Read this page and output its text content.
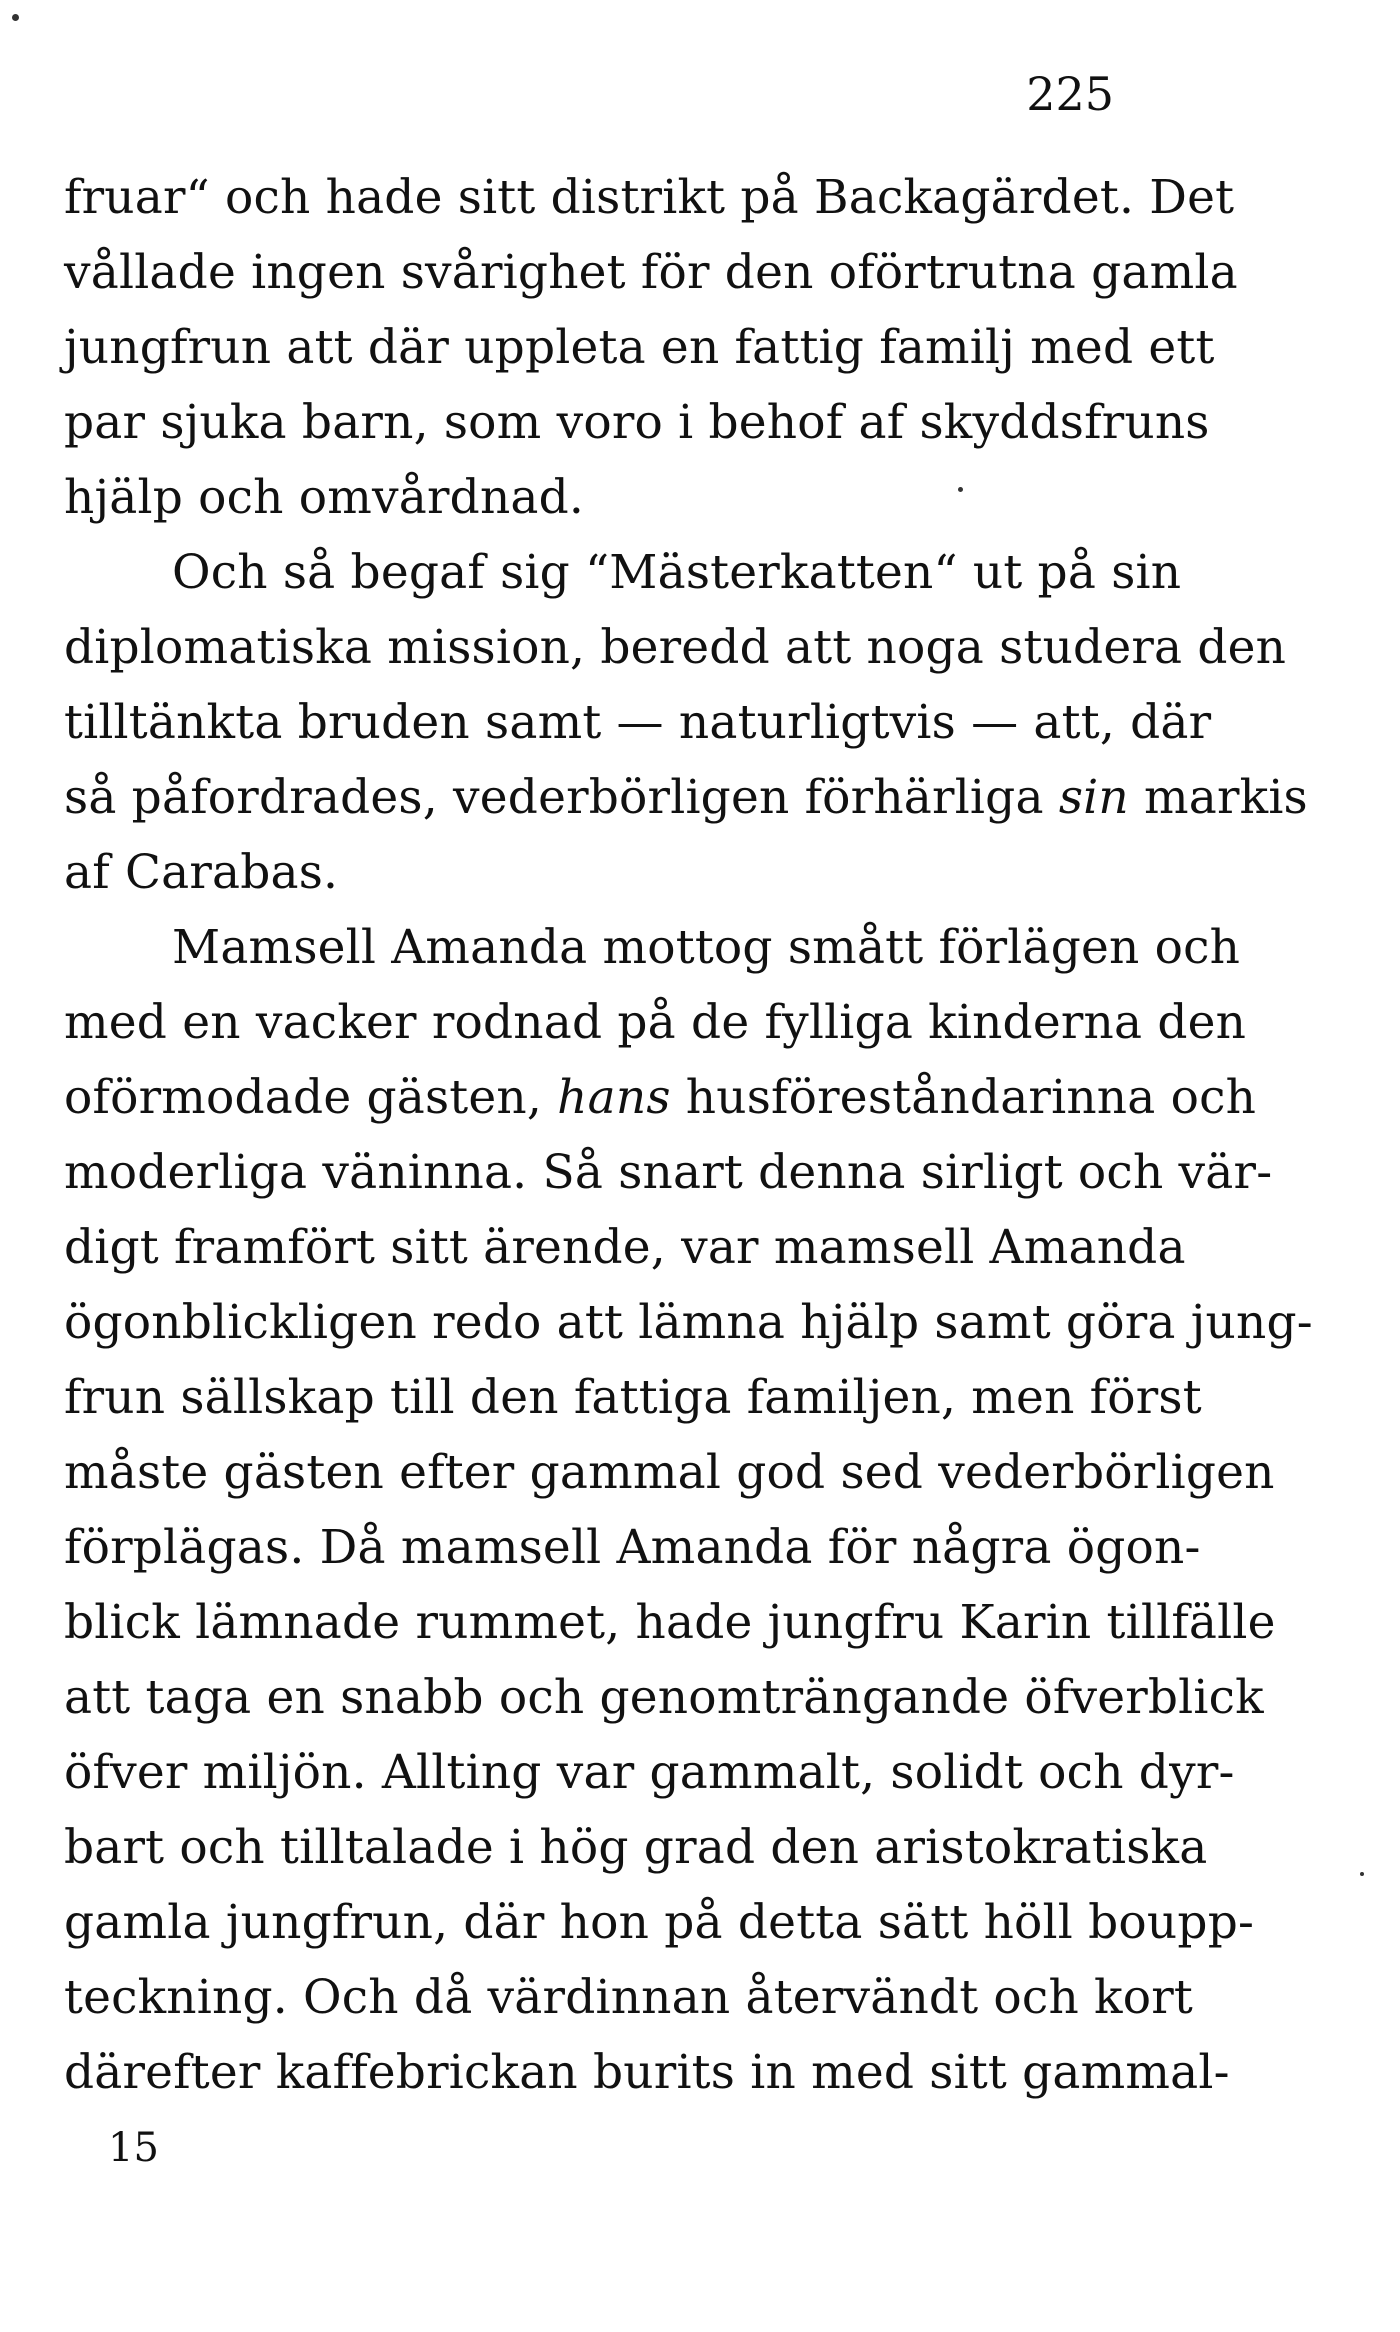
225
fruar“ och hade sitt distrikt på Backagärdet. Det
vållade ingen svårighet för den oförtrutna gamla
jungfrun att där uppleta en fattig familj med ett
par sjuka barn, som voro i behof af skyddsfruns
hjälp och omvårdnad.
Och så begaf sig “Mästerkatten“ ut på sin
diplomatiska mission, beredd att noga studera den
tilltänkta bruden samt — naturligtvis — att, där
så påfordrades, vederbörligen förhärliga sin markis
af Carabas.
Mamsell Amanda mottog smått förlägen och
med en vacker rodnad på de fylliga kinderna den
oförmodade gästen, hans husföreståndarinna och
moderliga väninna. Så snart denna sirligt och vär-
digt framfört sitt ärende, var mamsell Amanda
ögonblickligen redo att lämna hjälp samt göra jung-
frun sällskap till den fattiga familjen, men först
måste gästen efter gammal god sed vederbörligen
förplägas. Då mamsell Amanda för några ögon-
blick lämnade rummet, hade jungfru Karin tillfälle
att taga en snabb och genomträngande öfverblick
öfver miljön. Allting var gammalt, solidt och dyr-
bart och tilltalade i hög grad den aristokratiska
gamla jungfrun, där hon på detta sätt höll boupp-
teckning. Och då värdinnan återvändt och kort
därefter kaffebrickan burits in med sitt gammal-
15
